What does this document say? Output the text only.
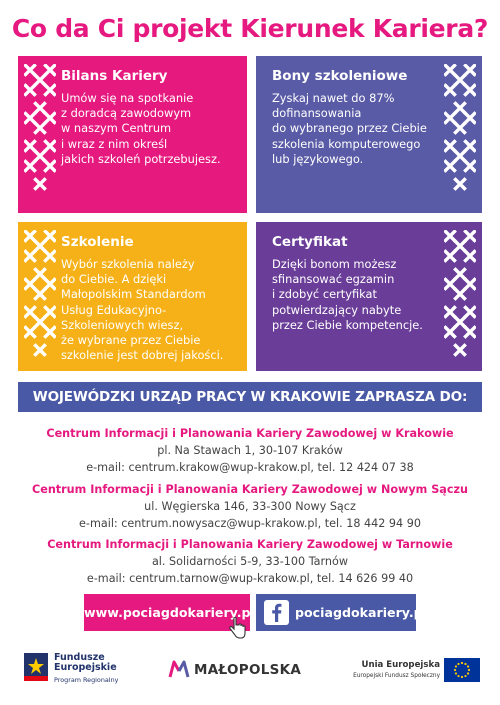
Co da Ci projekt Kierunek Kariera?
Bilans Kariery
Umów się na spotkanie
z doradcą zawodowym
w naszym Centrum
i wraz z nim określ
jakich szkoleń potrzebujesz.
Bony szkoleniowe
Zyskaj nawet do 87%
dofinansowania
do wybranego przez Ciebie
szkolenia komputerowego
lub językowego.
Szkolenie
Wybór szkolenia należy
do Ciebie. A dzięki
Małopolskim Standardom
Usług Edukacyjno-
Szkoleniowych wiesz,
że wybrane przez Ciebie
szkolenie jest dobrej jakości.
Certyfikat
Dzięki bonom możesz
sfinansować egzamin
i zdobyć certyfikat
potwierdzający nabyte
przez Ciebie kompetencje.
WOJEWÓDZKI URZĄD PRACY W KRAKOWIE ZAPRASZA DO:
Centrum Informacji i Planowania Kariery Zawodowej w Krakowie
pl. Na Stawach 1, 30-107 Kraków
e-mail: centrum.krakow@wup-krakow.pl, tel. 12 424 07 38
Centrum Informacji i Planowania Kariery Zawodowej w Nowym Sączu
ul. Węgierska 146, 33-300 Nowy Sącz
e-mail: centrum.nowysacz@wup-krakow.pl, tel. 18 442 94 90
Centrum Informacji i Planowania Kariery Zawodowej w Tarnowie
al. Solidarności 5-9, 33-100 Tarnów
e-mail: centrum.tarnow@wup-krakow.pl, tel. 14 626 99 40
www.pociagdokariery.pl	pociagdokariery.pl
Fundusze
Europejskie
Program Regionalny
MAŁOPOLSKA	Unia Europejska
Europejski Fundusz Społeczny
